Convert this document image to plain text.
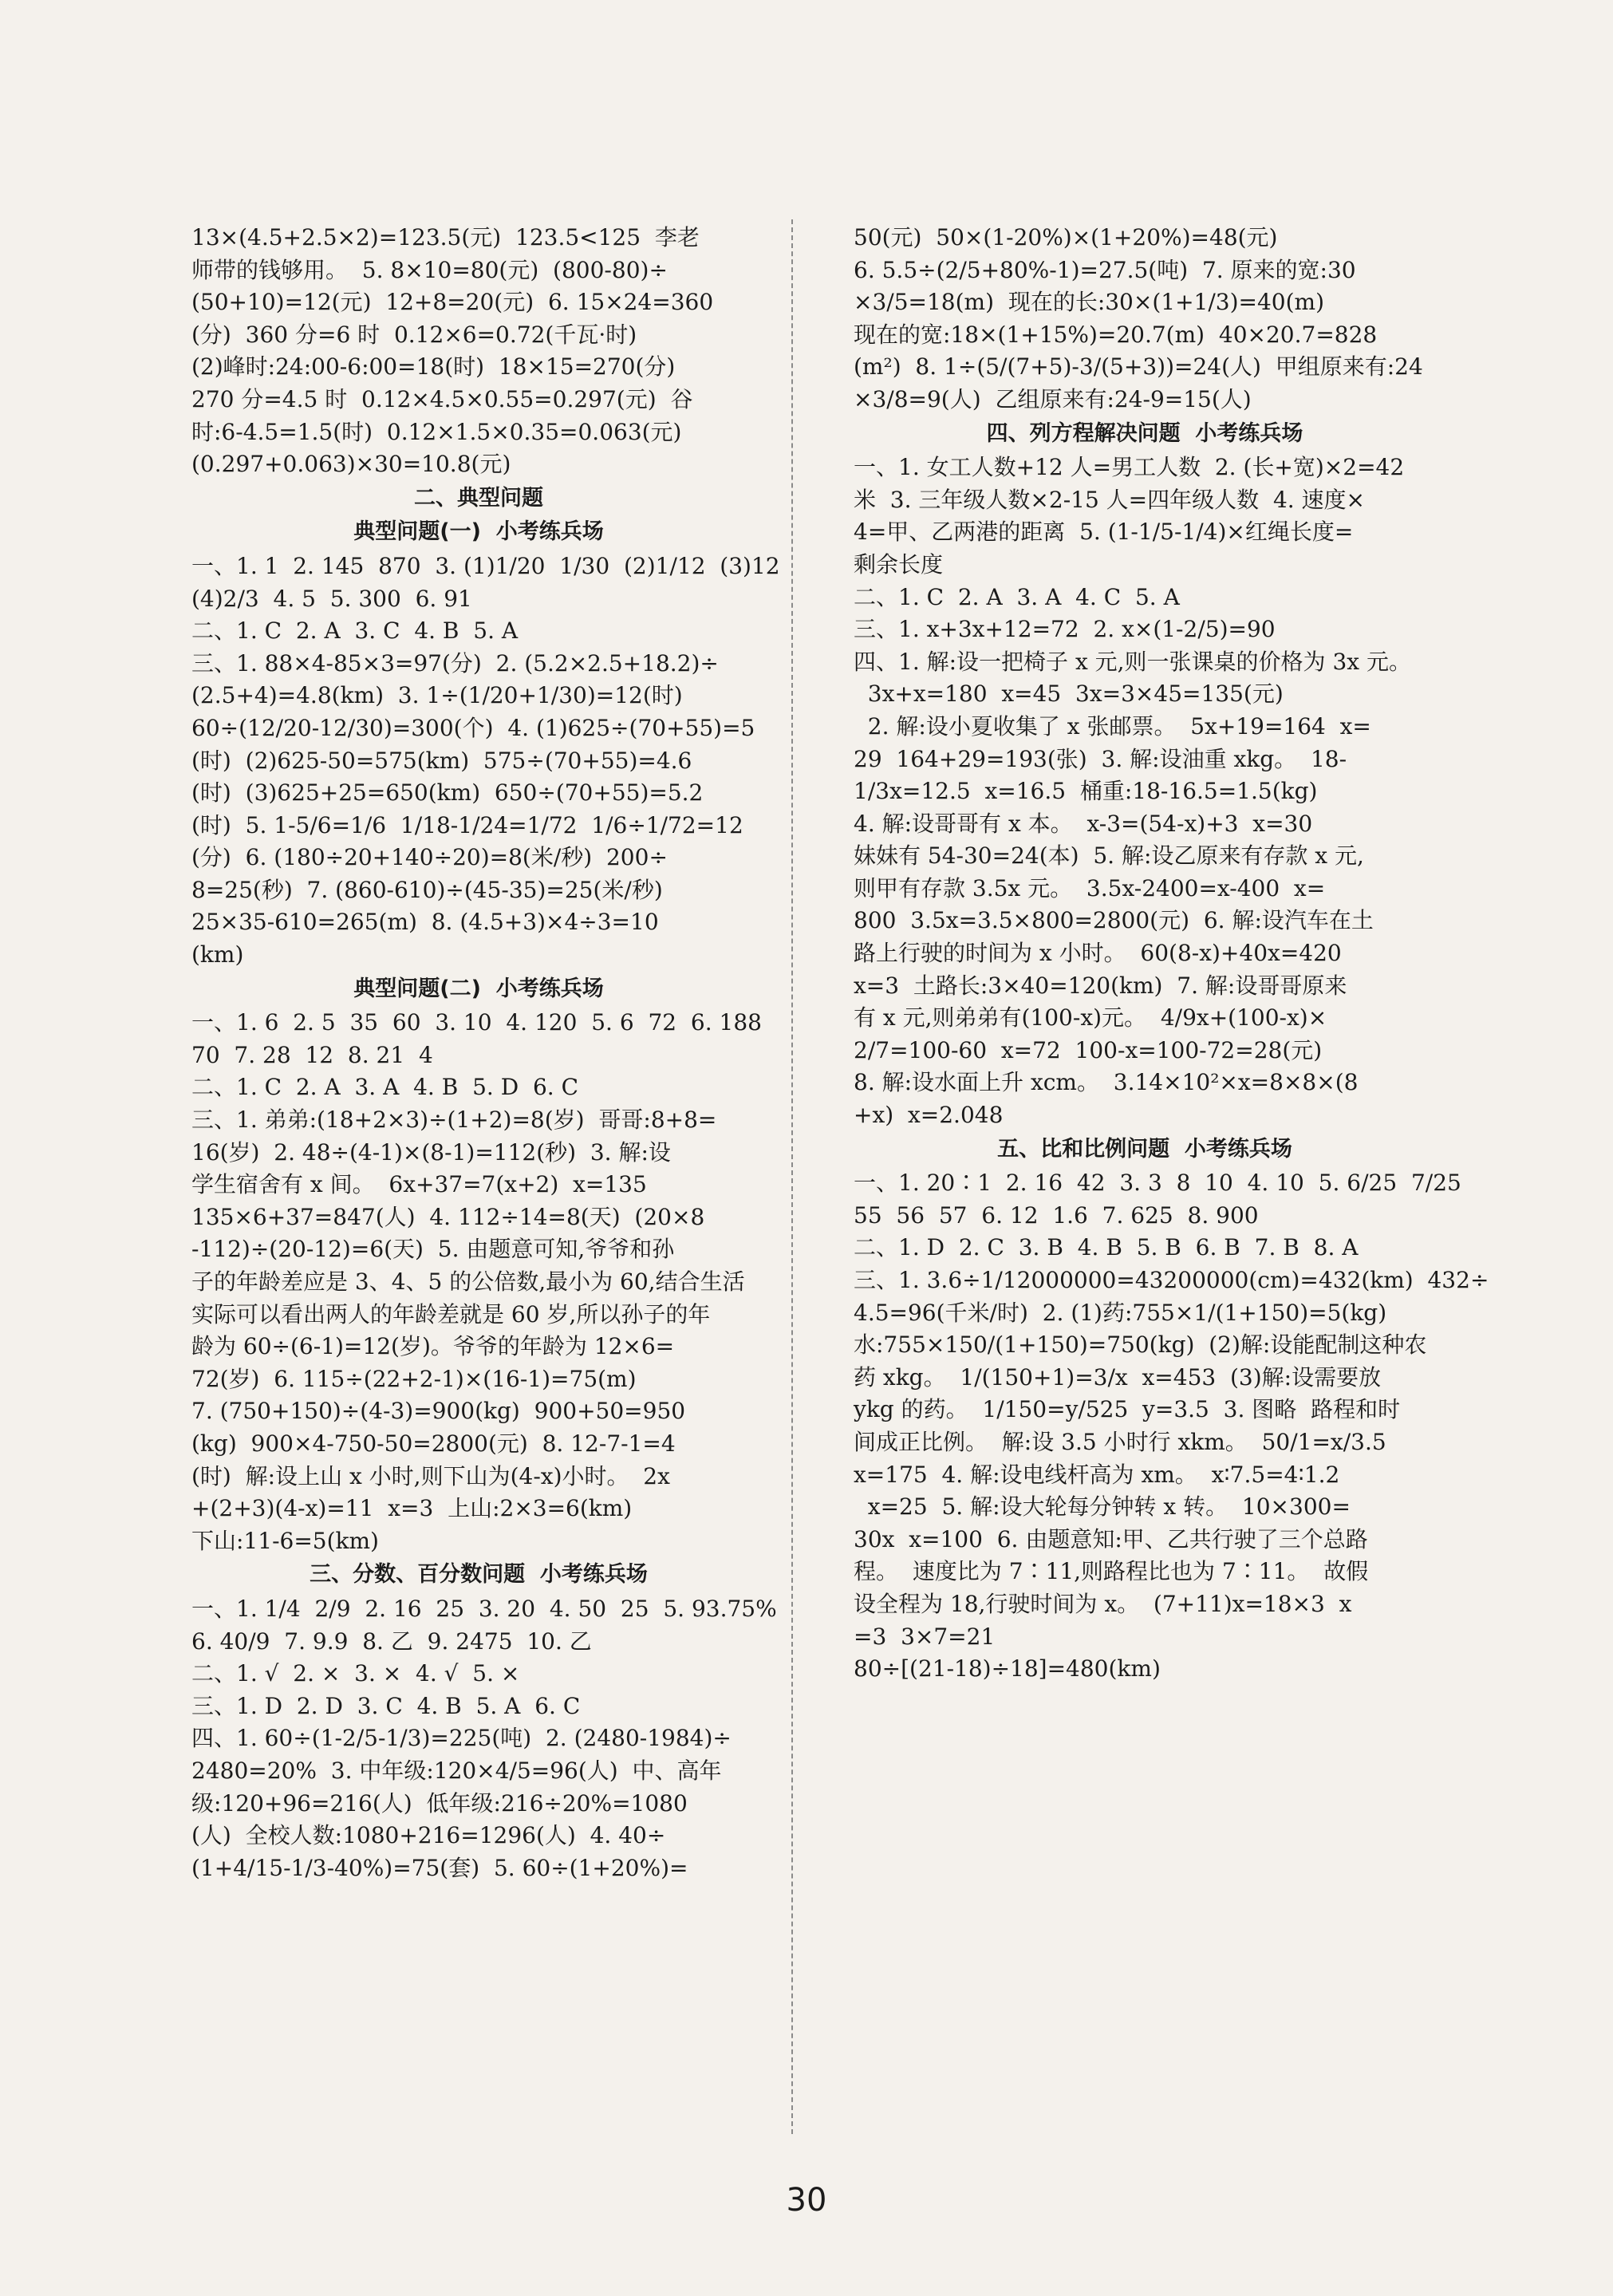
13×(4.5+2.5×2)=123.5(元)  123.5<125  李老
师带的钱够用。  5. 8×10=80(元)  (800-80)÷
(50+10)=12(元)  12+8=20(元)  6. 15×24=360
(分)  360 分=6 时  0.12×6=0.72(千瓦·时)
(2)峰时:24:00-6:00=18(时)  18×15=270(分)
270 分=4.5 时  0.12×4.5×0.55=0.297(元)  谷
时:6-4.5=1.5(时)  0.12×1.5×0.35=0.063(元)
(0.297+0.063)×30=10.8(元)
二、典型问题
典型问题(一)  小考练兵场
一、1. 1  2. 145  870  3. (1)1/20  1/30  (2)1/12  (3)12
(4)2/3  4. 5  5. 300  6. 91
二、1. C  2. A  3. C  4. B  5. A
三、1. 88×4-85×3=97(分)  2. (5.2×2.5+18.2)÷
(2.5+4)=4.8(km)  3. 1÷(1/20+1/30)=12(时)
60÷(12/20-12/30)=300(个)  4. (1)625÷(70+55)=5
(时)  (2)625-50=575(km)  575÷(70+55)=4.6
(时)  (3)625+25=650(km)  650÷(70+55)=5.2
(时)  5. 1-5/6=1/6  1/18-1/24=1/72  1/6÷1/72=12
(分)  6. (180÷20+140÷20)=8(米/秒)  200÷
8=25(秒)  7. (860-610)÷(45-35)=25(米/秒)
25×35-610=265(m)  8. (4.5+3)×4÷3=10
(km)
典型问题(二)  小考练兵场
一、1. 6  2. 5  35  60  3. 10  4. 120  5. 6  72  6. 188
70  7. 28  12  8. 21  4
二、1. C  2. A  3. A  4. B  5. D  6. C
三、1. 弟弟:(18+2×3)÷(1+2)=8(岁)  哥哥:8+8=
16(岁)  2. 48÷(4-1)×(8-1)=112(秒)  3. 解:设
学生宿舍有 x 间。  6x+37=7(x+2)  x=135
135×6+37=847(人)  4. 112÷14=8(天)  (20×8
-112)÷(20-12)=6(天)  5. 由题意可知,爷爷和孙
子的年龄差应是 3、4、5 的公倍数,最小为 60,结合生活
实际可以看出两人的年龄差就是 60 岁,所以孙子的年
龄为 60÷(6-1)=12(岁)。爷爷的年龄为 12×6=
72(岁)  6. 115÷(22+2-1)×(16-1)=75(m)
7. (750+150)÷(4-3)=900(kg)  900+50=950
(kg)  900×4-750-50=2800(元)  8. 12-7-1=4
(时)  解:设上山 x 小时,则下山为(4-x)小时。  2x
+(2+3)(4-x)=11  x=3  上山:2×3=6(km)
下山:11-6=5(km)
三、分数、百分数问题  小考练兵场
一、1. 1/4  2/9  2. 16  25  3. 20  4. 50  25  5. 93.75%
6. 40/9  7. 9.9  8. 乙  9. 2475  10. 乙
二、1. √  2. ×  3. ×  4. √  5. ×
三、1. D  2. D  3. C  4. B  5. A  6. C
四、1. 60÷(1-2/5-1/3)=225(吨)  2. (2480-1984)÷
2480=20%  3. 中年级:120×4/5=96(人)  中、高年
级:120+96=216(人)  低年级:216÷20%=1080
(人)  全校人数:1080+216=1296(人)  4. 40÷
(1+4/15-1/3-40%)=75(套)  5. 60÷(1+20%)=
50(元)  50×(1-20%)×(1+20%)=48(元)
6. 5.5÷(2/5+80%-1)=27.5(吨)  7. 原来的宽:30
×3/5=18(m)  现在的长:30×(1+1/3)=40(m)
现在的宽:18×(1+15%)=20.7(m)  40×20.7=828
(m²)  8. 1÷(5/(7+5)-3/(5+3))=24(人)  甲组原来有:24
×3/8=9(人)  乙组原来有:24-9=15(人)
四、列方程解决问题  小考练兵场
一、1. 女工人数+12 人=男工人数  2. (长+宽)×2=42
米  3. 三年级人数×2-15 人=四年级人数  4. 速度×
4=甲、乙两港的距离  5. (1-1/5-1/4)×红绳长度=
剩余长度
二、1. C  2. A  3. A  4. C  5. A
三、1. x+3x+12=72  2. x×(1-2/5)=90
四、1. 解:设一把椅子 x 元,则一张课桌的价格为 3x 元。
3x+x=180  x=45  3x=3×45=135(元)
2. 解:设小夏收集了 x 张邮票。  5x+19=164  x=
29  164+29=193(张)  3. 解:设油重 xkg。  18-
1/3x=12.5  x=16.5  桶重:18-16.5=1.5(kg)
4. 解:设哥哥有 x 本。  x-3=(54-x)+3  x=30
妹妹有 54-30=24(本)  5. 解:设乙原来有存款 x 元,
则甲有存款 3.5x 元。  3.5x-2400=x-400  x=
800  3.5x=3.5×800=2800(元)  6. 解:设汽车在土
路上行驶的时间为 x 小时。  60(8-x)+40x=420
x=3  土路长:3×40=120(km)  7. 解:设哥哥原来
有 x 元,则弟弟有(100-x)元。  4/9x+(100-x)×
2/7=100-60  x=72  100-x=100-72=28(元)
8. 解:设水面上升 xcm。  3.14×10²×x=8×8×(8
+x)  x=2.048
五、比和比例问题  小考练兵场
一、1. 20∶1  2. 16  42  3. 3  8  10  4. 10  5. 6/25  7/25
55  56  57  6. 12  1.6  7. 625  8. 900
二、1. D  2. C  3. B  4. B  5. B  6. B  7. B  8. A
三、1. 3.6÷1/12000000=43200000(cm)=432(km)  432÷
4.5=96(千米/时)  2. (1)药:755×1/(1+150)=5(kg)
水:755×150/(1+150)=750(kg)  (2)解:设能配制这种农
药 xkg。  1/(150+1)=3/x  x=453  (3)解:设需要放
ykg 的药。  1/150=y/525  y=3.5  3. 图略  路程和时
间成正比例。  解:设 3.5 小时行 xkm。  50/1=x/3.5
x=175  4. 解:设电线杆高为 xm。  x∶7.5=4∶1.2
x=25  5. 解:设大轮每分钟转 x 转。  10×300=
30x  x=100  6. 由题意知:甲、乙共行驶了三个总路
程。  速度比为 7∶11,则路程比也为 7∶11。  故假
设全程为 18,行驶时间为 x。  (7+11)x=18×3  x
=3  3×7=21
80÷[(21-18)÷18]=480(km)
30
